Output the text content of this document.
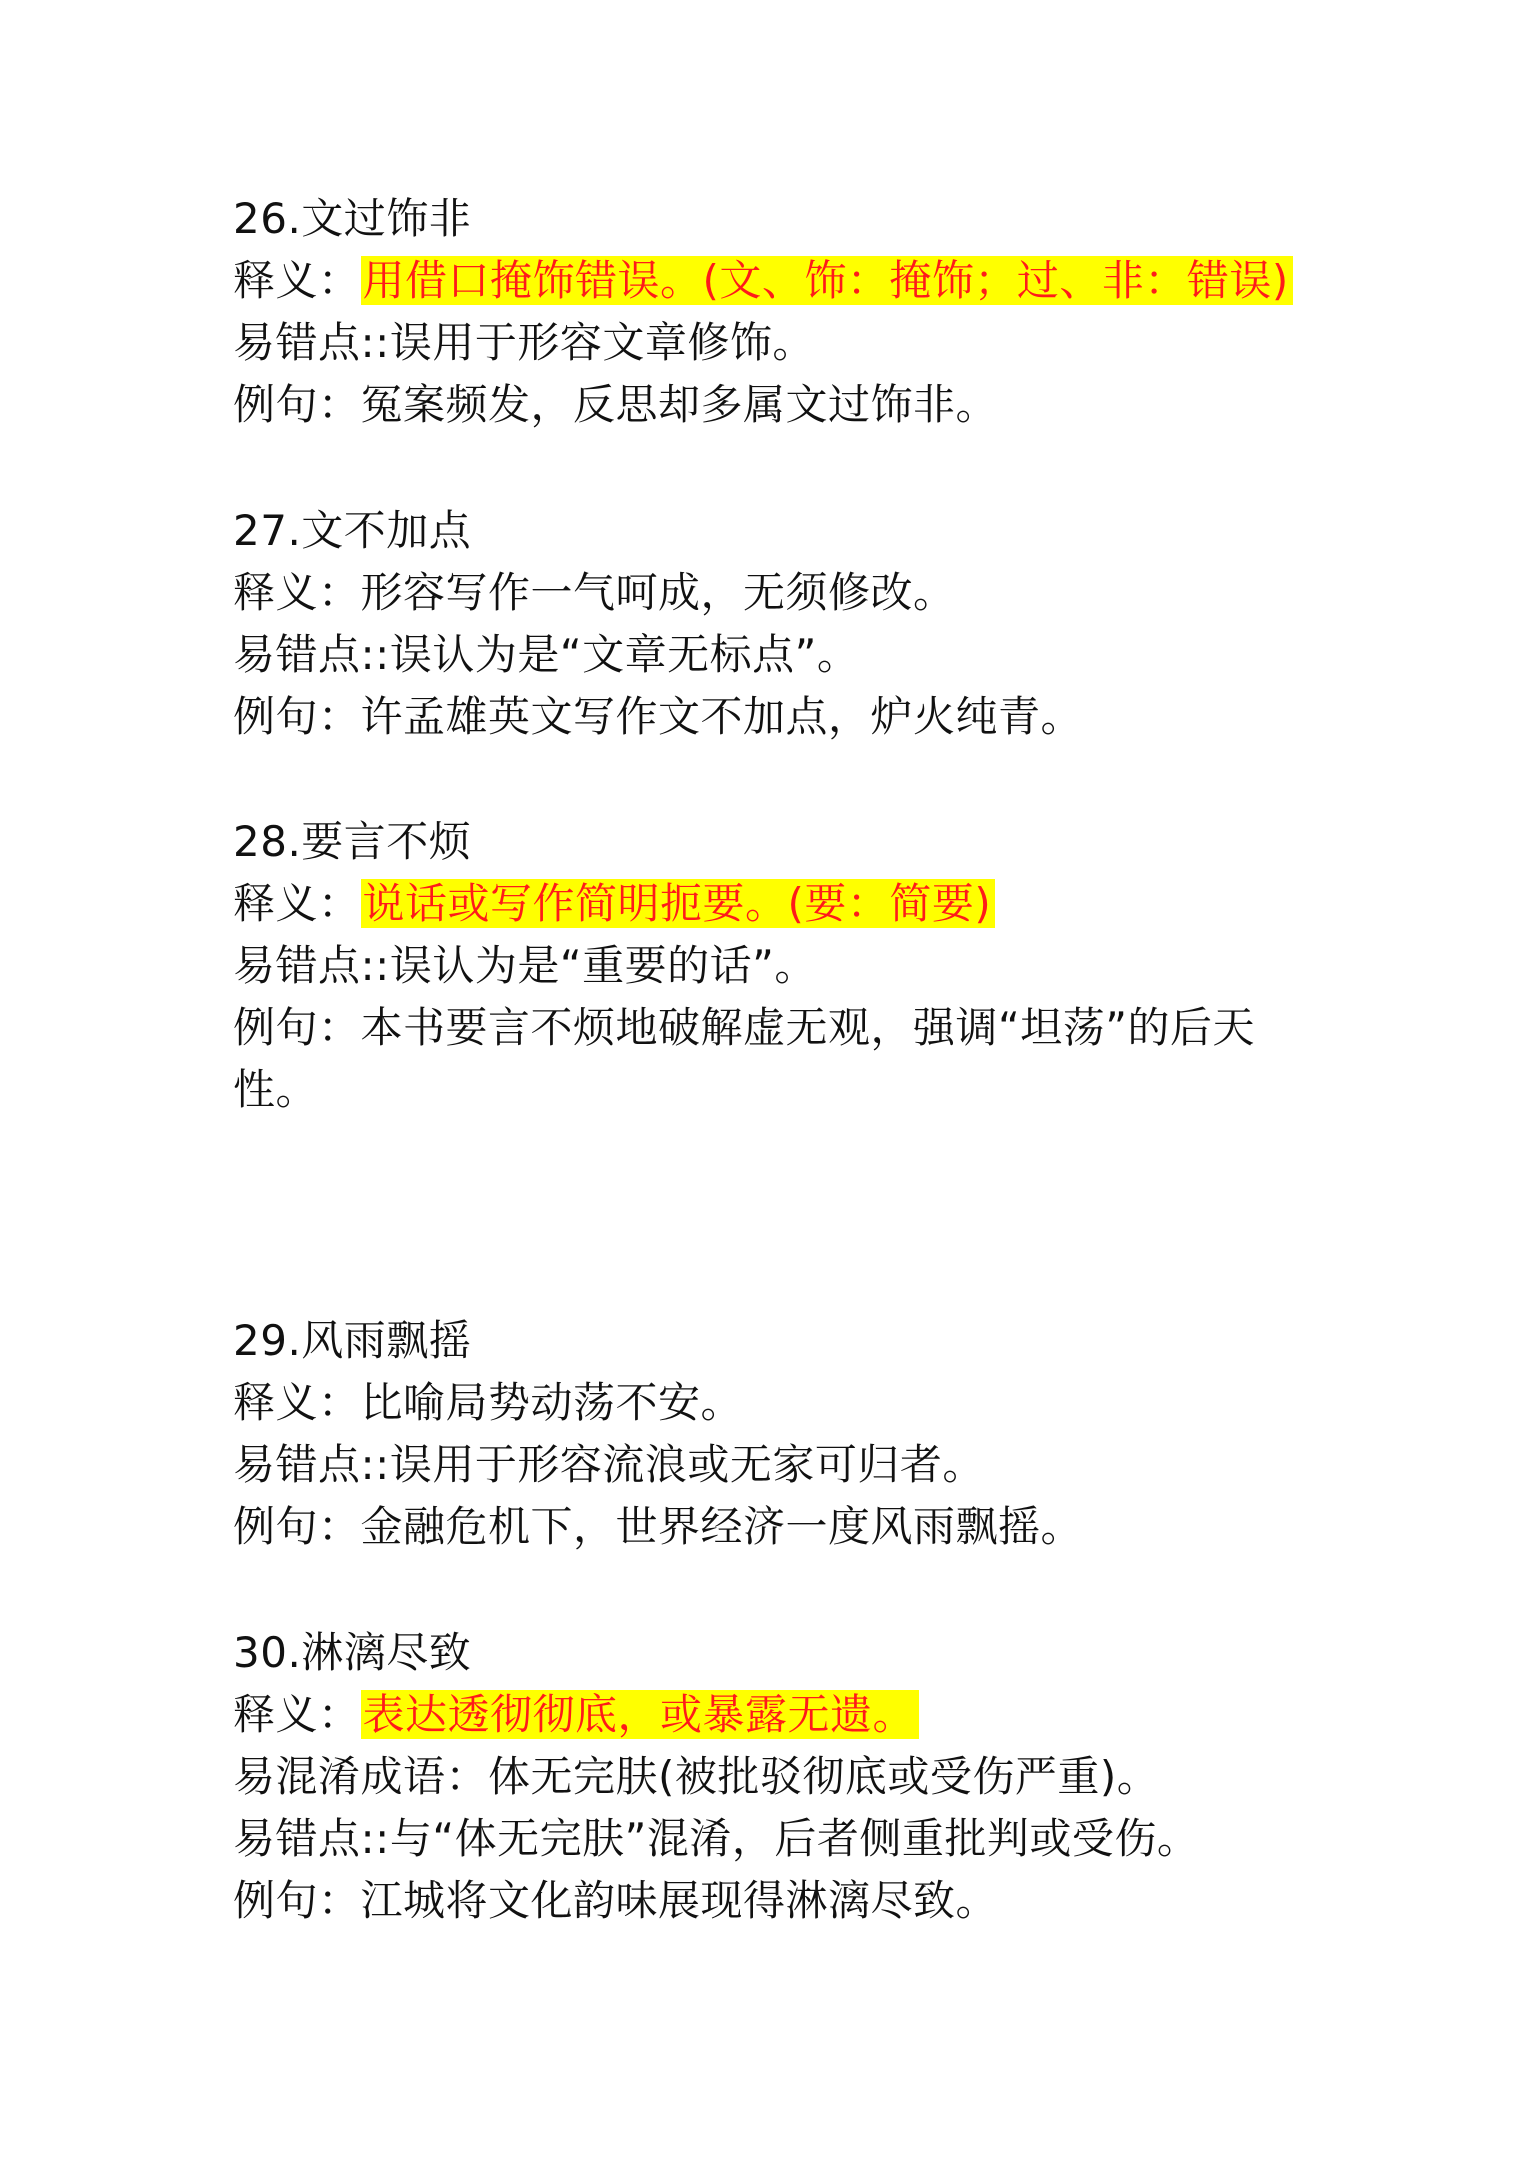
26.文过饰非
释义：用借口掩饰错误。(文、饰：掩饰；过、非：错误)
易错点::误用于形容文章修饰。
例句：冤案频发，反思却多属文过饰非。
27.文不加点
释义：形容写作一气呵成，无须修改。
易错点::误认为是“文章无标点”。
例句：许孟雄英文写作文不加点，炉火纯青。
28.要言不烦
释义：说话或写作简明扼要。(要：简要)
易错点::误认为是“重要的话”。
例句：本书要言不烦地破解虚无观，强调“坦荡”的后天性。
29.风雨飘摇
释义：比喻局势动荡不安。
易错点::误用于形容流浪或无家可归者。
例句：金融危机下，世界经济一度风雨飘摇。
30.淋漓尽致
释义：表达透彻彻底，或暴露无遗。
易混淆成语：体无完肤(被批驳彻底或受伤严重)。
易错点::与“体无完肤”混淆，后者侧重批判或受伤。
例句：江城将文化韵味展现得淋漓尽致。
